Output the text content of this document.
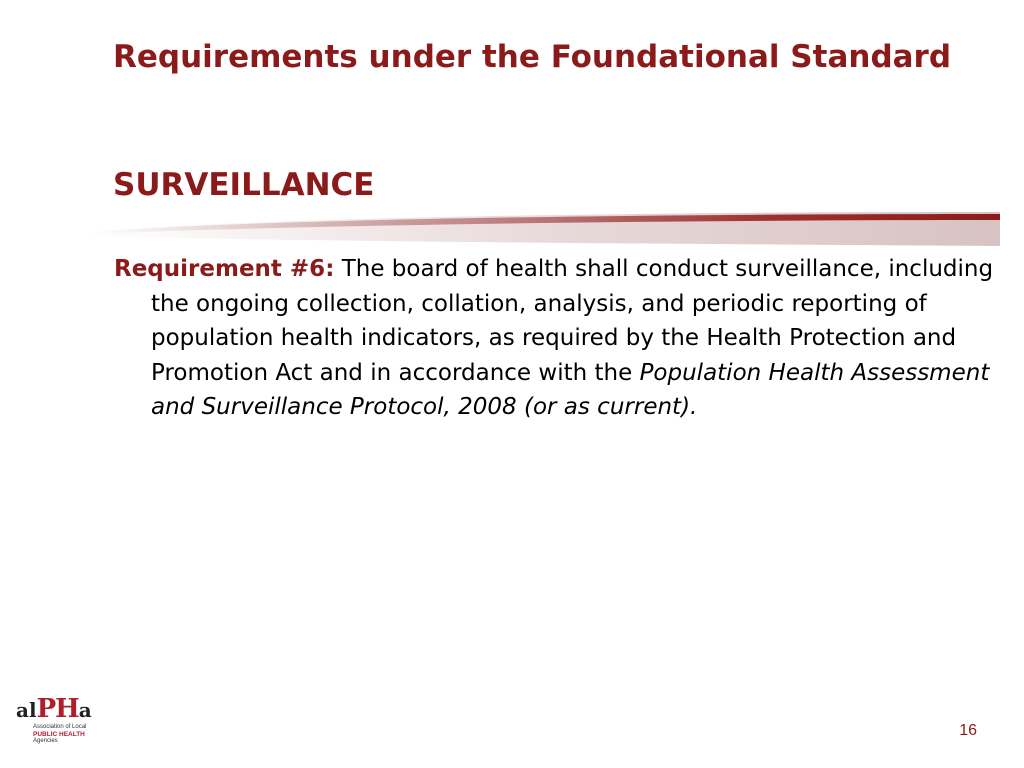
Requirements under the Foundational Standard
SURVEILLANCE

Requirement #6: The board of health shall conduct surveillance, including the ongoing collection, collation, analysis, and periodic reporting of population health indicators, as required by the Health Protection and Promotion Act and in accordance with the Population Health Assessment and Surveillance Protocol, 2008 (or as current).

alPHa
Association of Local
PUBLIC HEALTH
Agencies
16
